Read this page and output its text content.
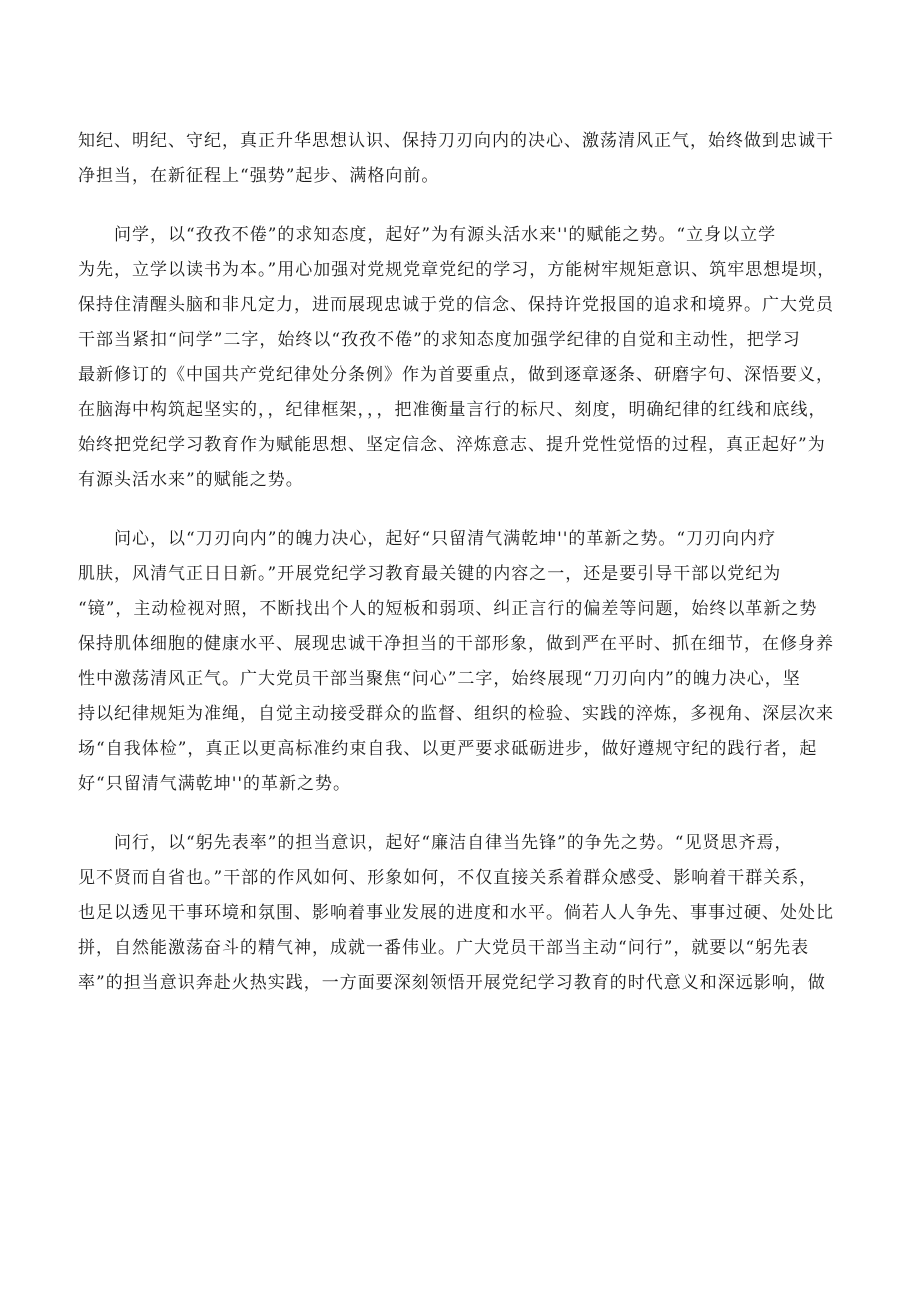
知纪、明纪、守纪，真正升华思想认识、保持刀刃向内的决心、激荡清风正气，始终做到忠诚干
净担当，在新征程上“强势”起步、满格向前。
问学，以“孜孜不倦”的求知态度，起好”为有源头活水来''的赋能之势。“立身以立学
为先，立学以读书为本。”用心加强对党规党章党纪的学习，方能树牢规矩意识、筑牢思想堤坝，
保持住清醒头脑和非凡定力，进而展现忠诚于党的信念、保持许党报国的追求和境界。广大党员
干部当紧扣“问学”二字，始终以“孜孜不倦”的求知态度加强学纪律的自觉和主动性，把学习
最新修订的《中国共产党纪律处分条例》作为首要重点，做到逐章逐条、研磨字句、深悟要义，
在脑海中构筑起坚实的，，纪律框架，，，把准衡量言行的标尺、刻度，明确纪律的红线和底线，
始终把党纪学习教育作为赋能思想、坚定信念、淬炼意志、提升党性觉悟的过程，真正起好”为
有源头活水来”的赋能之势。
问心，以“刀刃向内”的魄力决心，起好“只留清气满乾坤''的革新之势。“刀刃向内疗
肌肤，风清气正日日新。”开展党纪学习教育最关键的内容之一，还是要引导干部以党纪为
“镜”，主动检视对照，不断找出个人的短板和弱项、纠正言行的偏差等问题，始终以革新之势
保持肌体细胞的健康水平、展现忠诚干净担当的干部形象，做到严在平时、抓在细节，在修身养
性中激荡清风正气。广大党员干部当聚焦“问心”二字，始终展现“刀刃向内”的魄力决心，坚
持以纪律规矩为准绳，自觉主动接受群众的监督、组织的检验、实践的淬炼，多视角、深层次来
场“自我体检”，真正以更高标准约束自我、以更严要求砥砺进步，做好遵规守纪的践行者，起
好“只留清气满乾坤''的革新之势。
问行，以“躬先表率”的担当意识，起好“廉洁自律当先锋”的争先之势。“见贤思齐焉，
见不贤而自省也。”干部的作风如何、形象如何，不仅直接关系着群众感受、影响着干群关系，
也足以透见干事环境和氛围、影响着事业发展的进度和水平。倘若人人争先、事事过硬、处处比
拼，自然能激荡奋斗的精气神，成就一番伟业。广大党员干部当主动“问行”，就要以“躬先表
率”的担当意识奔赴火热实践，一方面要深刻领悟开展党纪学习教育的时代意义和深远影响，做
